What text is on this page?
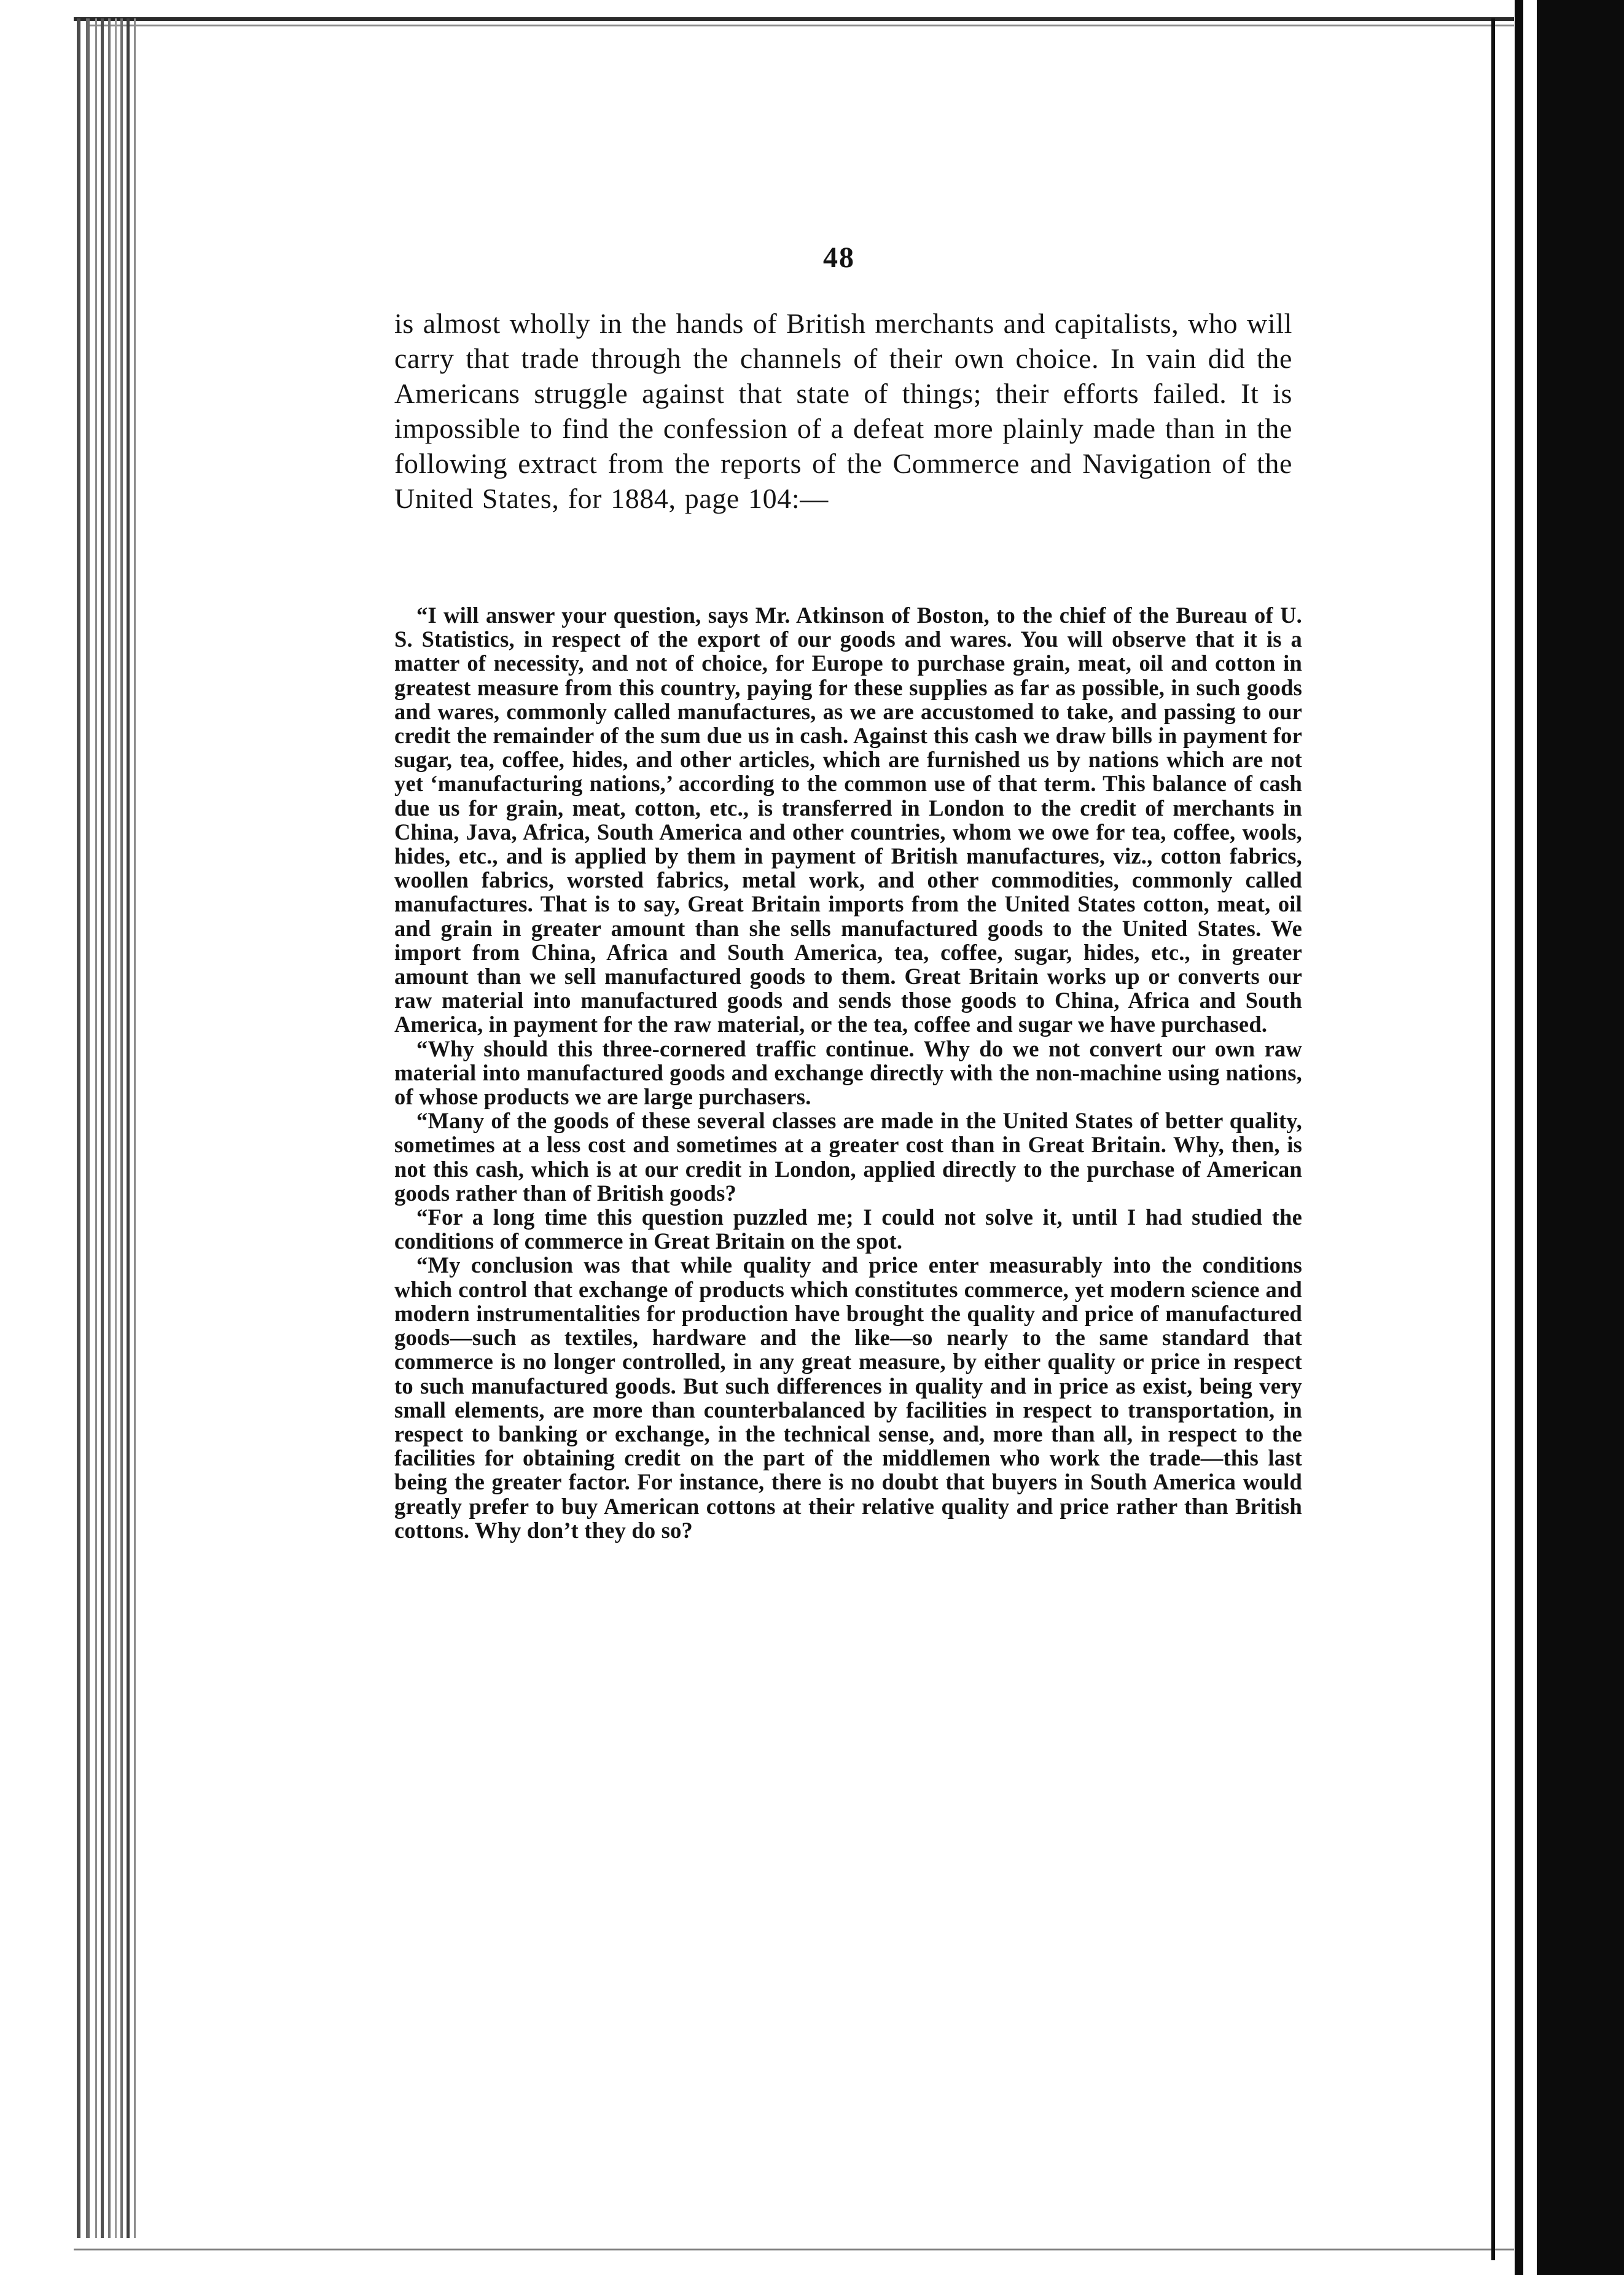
48

is almost wholly in the hands of British merchants and capitalists, who will carry that trade through the channels of their own choice. In vain did the Americans struggle against that state of things; their efforts failed. It is impossible to find the confession of a defeat more plainly made than in the following extract from the reports of the Commerce and Navigation of the United States, for 1884, page 104:—

“I will answer your question, says Mr. Atkinson of Boston, to the chief of the Bureau of U. S. Statistics, in respect of the export of our goods and wares. You will observe that it is a matter of necessity, and not of choice, for Europe to purchase grain, meat, oil and cotton in greatest measure from this country, paying for these supplies as far as possible, in such goods and wares, commonly called manufactures, as we are accustomed to take, and passing to our credit the remainder of the sum due us in cash. Against this cash we draw bills in payment for sugar, tea, coffee, hides, and other articles, which are furnished us by nations which are not yet ‘manufacturing nations,’ according to the common use of that term. This balance of cash due us for grain, meat, cotton, etc., is transferred in London to the credit of merchants in China, Java, Africa, South America and other countries, whom we owe for tea, coffee, wools, hides, etc., and is applied by them in payment of British manufactures, viz., cotton fabrics, woollen fabrics, worsted fabrics, metal work, and other commodities, commonly called manufactures. That is to say, Great Britain imports from the United States cotton, meat, oil and grain in greater amount than she sells manufactured goods to the United States. We import from China, Africa and South America, tea, coffee, sugar, hides, etc., in greater amount than we sell manufactured goods to them. Great Britain works up or converts our raw material into manufactured goods and sends those goods to China, Africa and South America, in payment for the raw material, or the tea, coffee and sugar we have purchased.

“Why should this three-cornered traffic continue. Why do we not convert our own raw material into manufactured goods and exchange directly with the non-machine using nations, of whose products we are large purchasers.

“Many of the goods of these several classes are made in the United States of better quality, sometimes at a less cost and sometimes at a greater cost than in Great Britain. Why, then, is not this cash, which is at our credit in London, applied directly to the purchase of American goods rather than of British goods?

“For a long time this question puzzled me; I could not solve it, until I had studied the conditions of commerce in Great Britain on the spot.

“My conclusion was that while quality and price enter measurably into the conditions which control that exchange of products which constitutes commerce, yet modern science and modern instrumentalities for production have brought the quality and price of manufactured goods—such as textiles, hardware and the like—so nearly to the same standard that commerce is no longer controlled, in any great measure, by either quality or price in respect to such manufactured goods. But such differences in quality and in price as exist, being very small elements, are more than counterbalanced by facilities in respect to transportation, in respect to banking or exchange, in the technical sense, and, more than all, in respect to the facilities for obtaining credit on the part of the middlemen who work the trade—this last being the greater factor. For instance, there is no doubt that buyers in South America would greatly prefer to buy American cottons at their relative quality and price rather than British cottons. Why don’t they do so?
